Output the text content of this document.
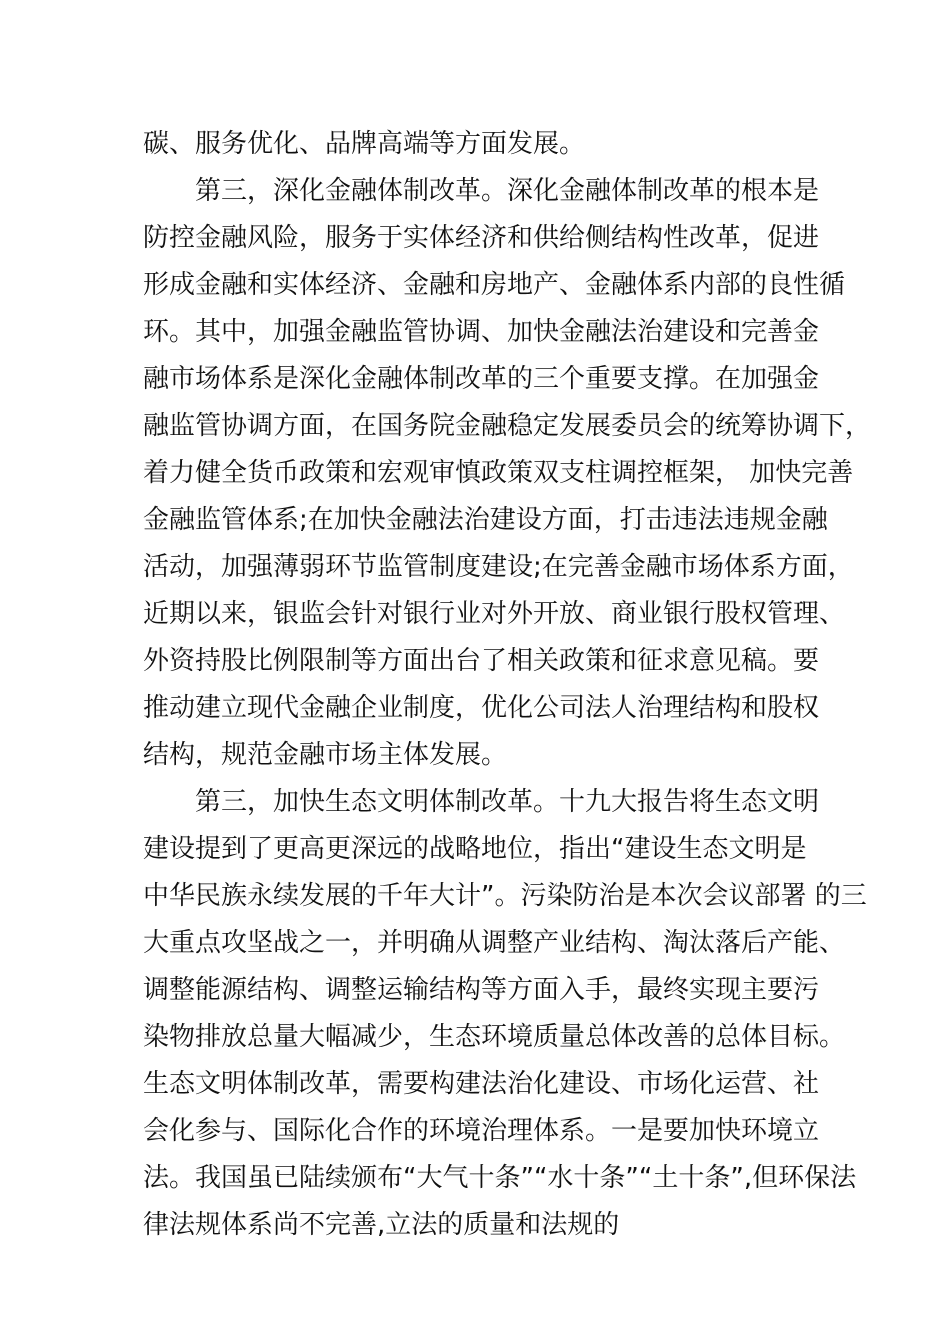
碳、服务优化、品牌高端等方面发展。
第三，深化金融体制改革。深化金融体制改革的根本是
防控金融风险，服务于实体经济和供给侧结构性改革，促进
形成金融和实体经济、金融和房地产、金融体系内部的良性循
环。其中，加强金融监管协调、加快金融法治建设和完善金
融市场体系是深化金融体制改革的三个重要支撑。在加强金
融监管协调方面，在国务院金融稳定发展委员会的统筹协调下，
着力健全货币政策和宏观审慎政策双支柱调控框架， 加快完善
金融监管体系;在加快金融法治建设方面，打击违法违规金融
活动，加强薄弱环节监管制度建设;在完善金融市场体系方面，
近期以来，银监会针对银行业对外开放、商业银行股权管理、
外资持股比例限制等方面出台了相关政策和征求意见稿。要
推动建立现代金融企业制度，优化公司法人治理结构和股权
结构，规范金融市场主体发展。
第三，加快生态文明体制改革。十九大报告将生态文明
建设提到了更高更深远的战略地位，指出“建设生态文明是
中华民族永续发展的千年大计”。污染防治是本次会议部署 的三
大重点攻坚战之一，并明确从调整产业结构、淘汰落后产能、
调整能源结构、调整运输结构等方面入手，最终实现主要污
染物排放总量大幅减少，生态环境质量总体改善的总体目标。
生态文明体制改革，需要构建法治化建设、市场化运营、社
会化参与、国际化合作的环境治理体系。一是要加快环境立
法。我国虽已陆续颁布“大气十条”“水十条”“土十条”,但环保法
律法规体系尚不完善,立法的质量和法规的
